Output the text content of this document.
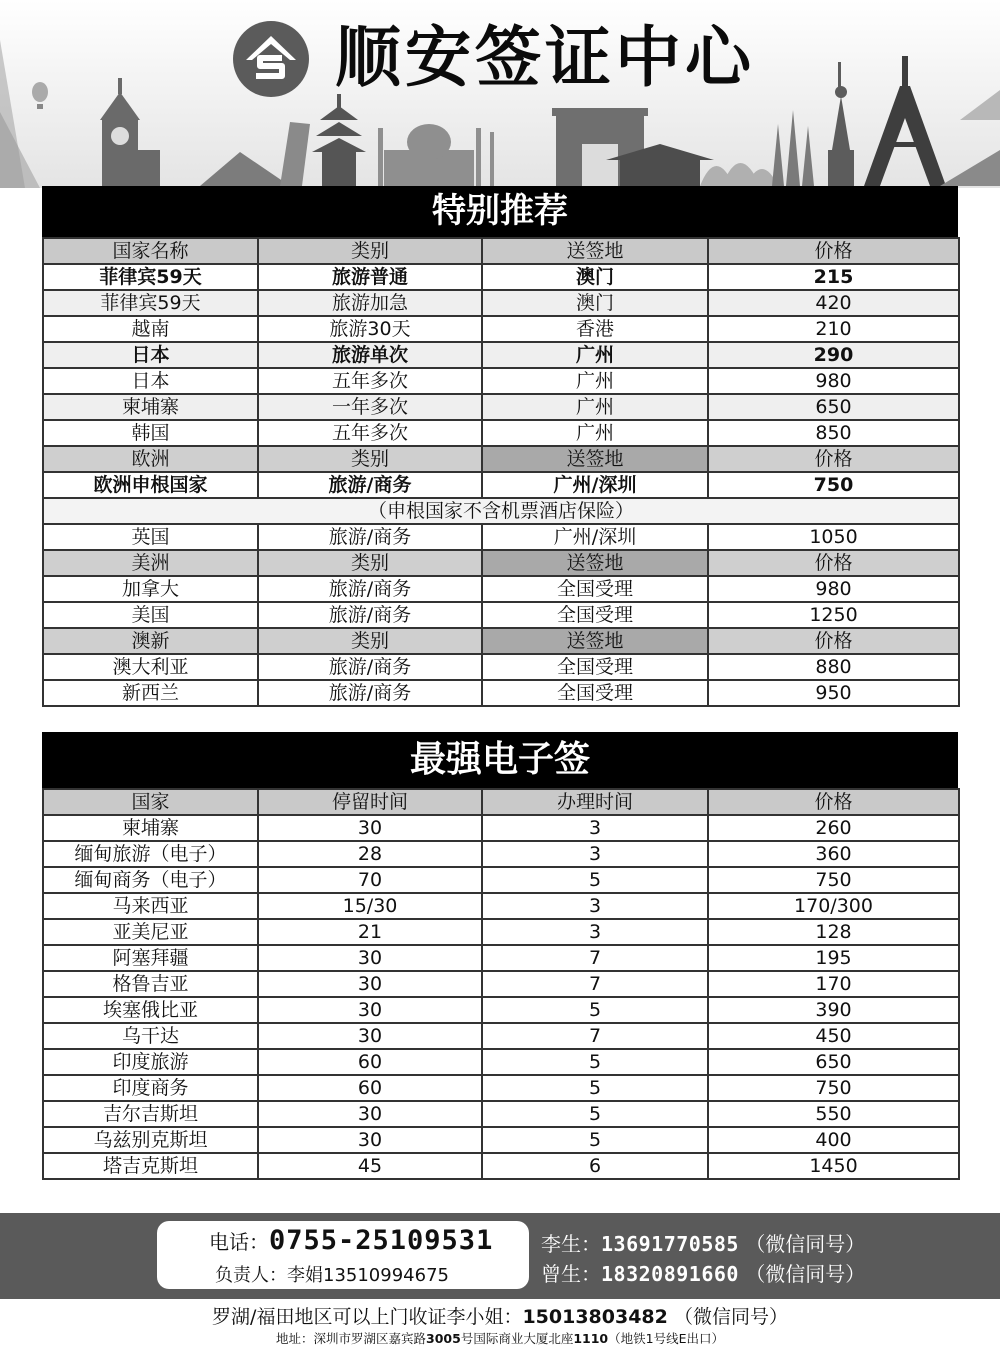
顺安签证中心
特别推荐
国家名称	类别	送签地	价格
菲律宾59天	旅游普通	澳门	215
菲律宾59天	旅游加急	澳门	420
越南	旅游30天	香港	210
日本	旅游单次	广州	290
日本	五年多次	广州	980
柬埔寨	一年多次	广州	650
韩国	五年多次	广州	850
欧洲	类别	送签地	价格
欧洲申根国家	旅游/商务	广州/深圳	750
（申根国家不含机票酒店保险）			
英国	旅游/商务	广州/深圳	1050
美洲	类别	送签地	价格
加拿大	旅游/商务	全国受理	980
美国	旅游/商务	全国受理	1250
澳新	类别	送签地	价格
澳大利亚	旅游/商务	全国受理	880
新西兰	旅游/商务	全国受理	950
最强电子签
国家	停留时间	办理时间	价格
柬埔寨	30	3	260
缅甸旅游（电子）	28	3	360
缅甸商务（电子）	70	5	750
马来西亚	15/30	3	170/300
亚美尼亚	21	3	128
阿塞拜疆	30	7	195
格鲁吉亚	30	7	170
埃塞俄比亚	30	5	390
乌干达	30	7	450
印度旅游	60	5	650
印度商务	60	5	750
吉尔吉斯坦	30	5	550
乌兹别克斯坦	30	5	400
塔吉克斯坦	45	6	1450
电话：0755-25109531
负责人：李娟13510994675
李生：13691770585 （微信同号）
曾生：18320891660 （微信同号）
罗湖/福田地区可以上门收证李小姐：15013803482 （微信同号）
地址：深圳市罗湖区嘉宾路3005号国际商业大厦北座1110（地铁1号线E出口）
